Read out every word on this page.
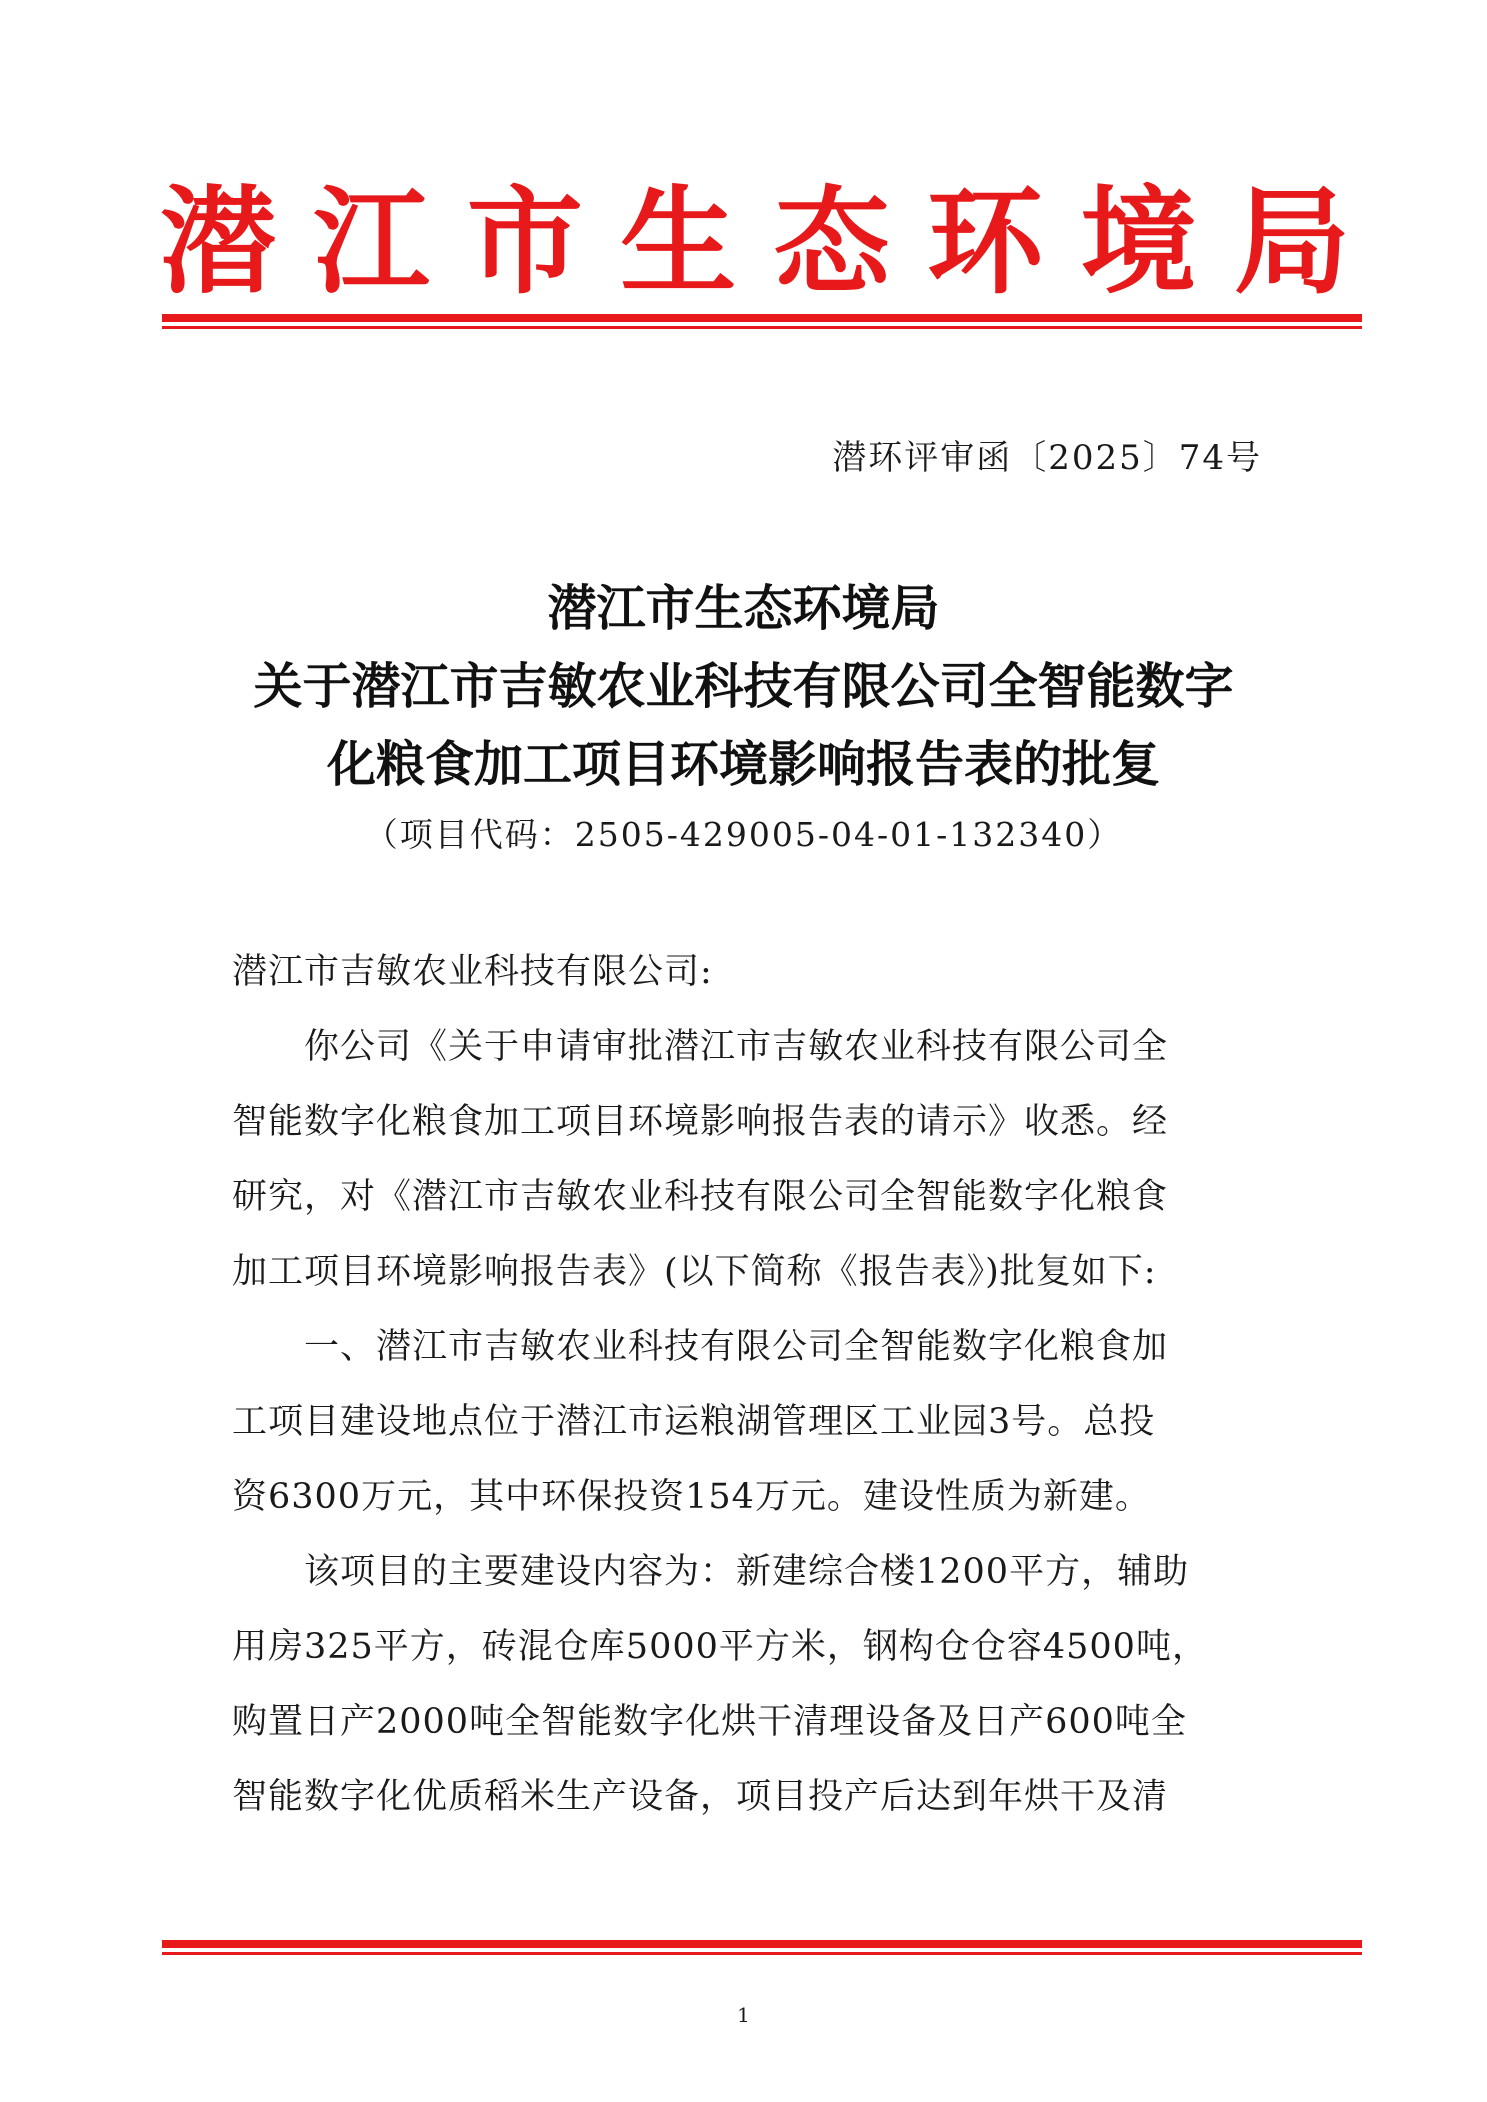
潜 江 市 生 态 环 境 局
潜环评审函〔2025〕74号
潜江市生态环境局
关于潜江市吉敏农业科技有限公司全智能数字
化粮食加工项目环境影响报告表的批复
（项目代码：2505-429005-04-01-132340）
潜江市吉敏农业科技有限公司:
　　你公司《关于申请审批潜江市吉敏农业科技有限公司全
智能数字化粮食加工项目环境影响报告表的请示》收悉。经
研究，对《潜江市吉敏农业科技有限公司全智能数字化粮食
加工项目环境影响报告表》(以下简称《报告表》)批复如下:
　　一、潜江市吉敏农业科技有限公司全智能数字化粮食加
工项目建设地点位于潜江市运粮湖管理区工业园3号。总投
资6300万元，其中环保投资154万元。建设性质为新建。
　　该项目的主要建设内容为：新建综合楼1200平方，辅助
用房325平方，砖混仓库5000平方米，钢构仓仓容4500吨，
购置日产2000吨全智能数字化烘干清理设备及日产600吨全
智能数字化优质稻米生产设备，项目投产后达到年烘干及清
1
